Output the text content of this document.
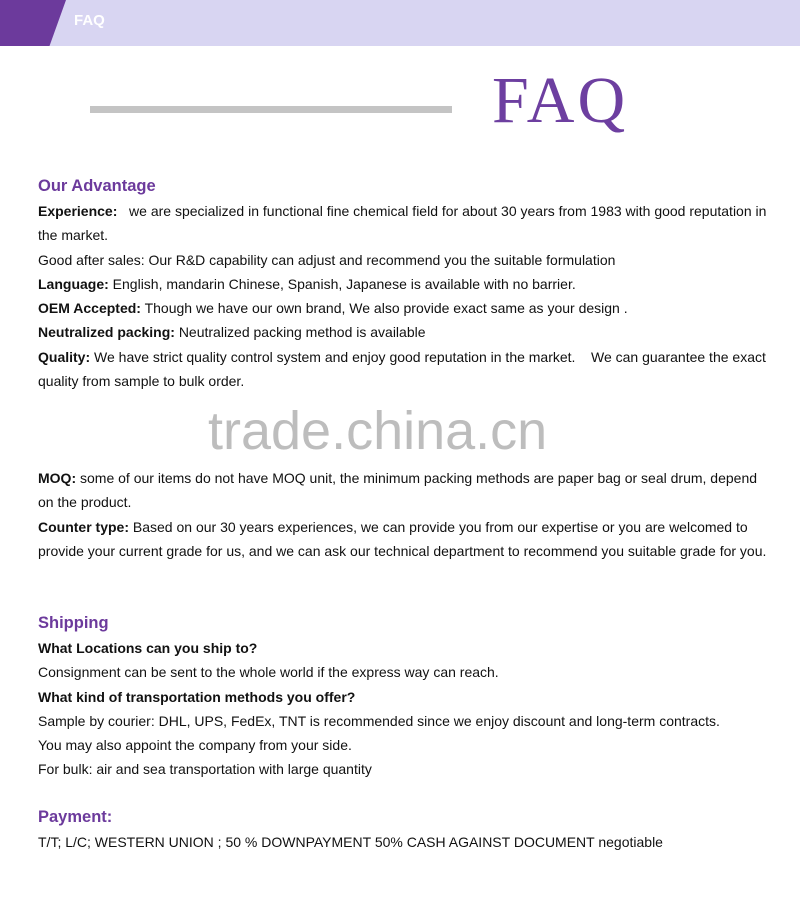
FAQ
FAQ
Our Advantage
Experience: we are specialized in functional fine chemical field for about 30 years from 1983 with good reputation in the market.
Good after sales: Our R&D capability can adjust and recommend you the suitable formulation
Language: English, mandarin Chinese, Spanish, Japanese is available with no barrier.
OEM Accepted: Though we have our own brand, We also provide exact same as your design .
Neutralized packing: Neutralized packing method is available
Quality: We have strict quality control system and enjoy good reputation in the market.    We can guarantee the exact quality from sample to bulk order.
trade.china.cn
MOQ: some of our items do not have MOQ unit, the minimum packing methods are paper bag or seal drum, depend on the product.
Counter type: Based on our 30 years experiences, we can provide you from our expertise or you are welcomed to provide your current grade for us, and we can ask our technical department to recommend you suitable grade for you.
Shipping
What Locations can you ship to?
Consignment can be sent to the whole world if the express way can reach.
What kind of transportation methods you offer?
Sample by courier: DHL, UPS, FedEx, TNT is recommended since we enjoy discount and long-term contracts.
You may also appoint the company from your side.
For bulk: air and sea transportation with large quantity
Payment:
T/T; L/C; WESTERN UNION ; 50 % DOWNPAYMENT 50% CASH AGAINST DOCUMENT negotiable
